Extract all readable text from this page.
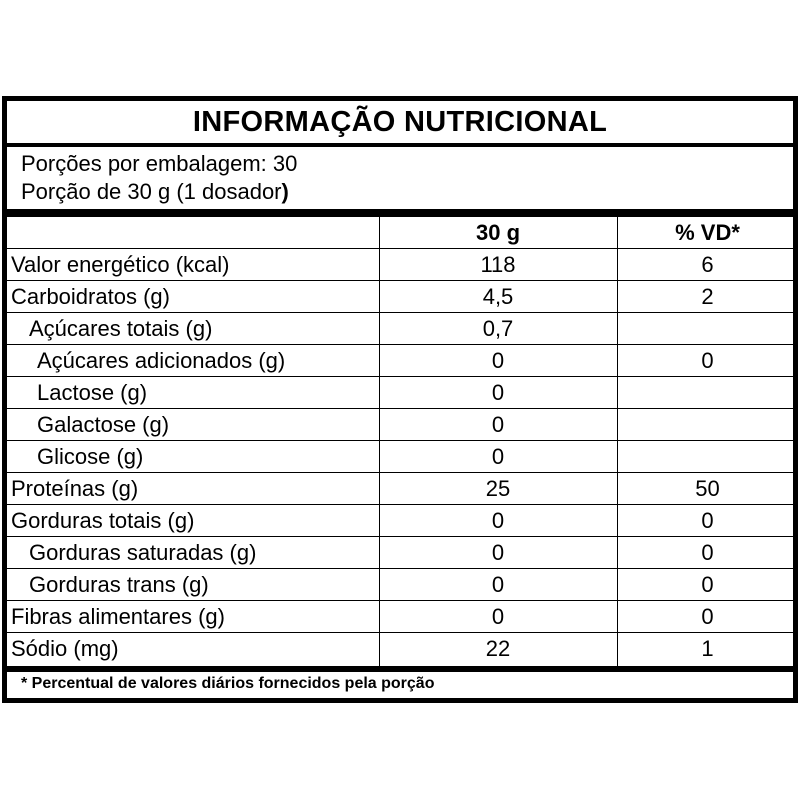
INFORMAÇÃO NUTRICIONAL
Porções por embalagem: 30
Porção de 30 g (1 dosador)
30 g	% VD*
Valor energético (kcal)	118	6
Carboidratos (g)	4,5	2
Açúcares totais (g)	0,7
Açúcares adicionados (g)	0	0
Lactose (g)	0
Galactose (g)	0
Glicose (g)	0
Proteínas (g)	25	50
Gorduras totais (g)	0	0
Gorduras saturadas (g)	0	0
Gorduras trans (g)	0	0
Fibras alimentares (g)	0	0
Sódio (mg)	22	1
* Percentual de valores diários fornecidos pela porção
